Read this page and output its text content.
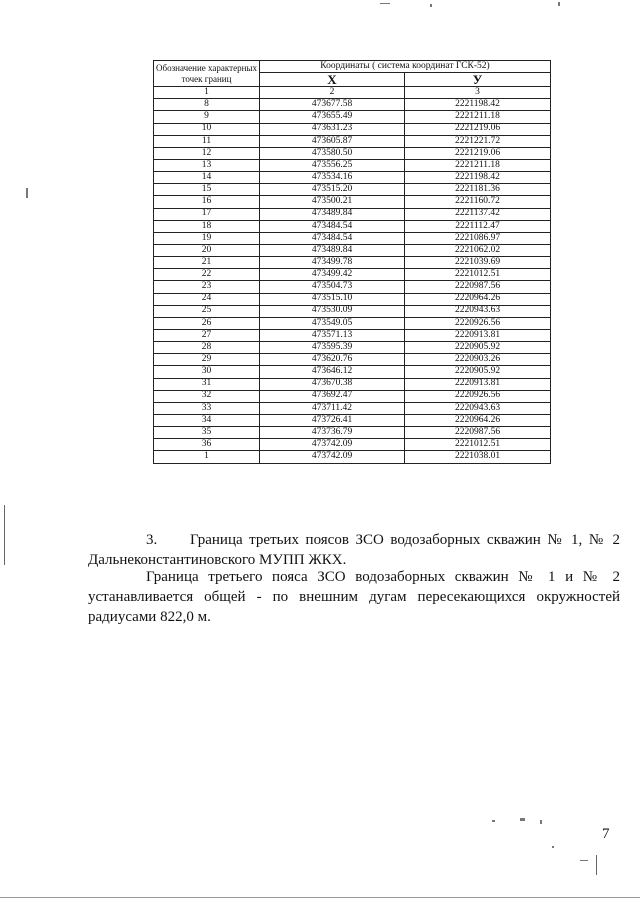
Обозначение характерных точек границ	Координаты ( система координат ГСК-52)	
	X	У
1	2	3
8	473677.58	2221198.42
9	473655.49	2221211.18
10	473631.23	2221219.06
11	473605.87	2221221.72
12	473580.50	2221219.06
13	473556.25	2221211.18
14	473534.16	2221198.42
15	473515.20	2221181.36
16	473500.21	2221160.72
17	473489.84	2221137.42
18	473484.54	2221112.47
19	473484.54	2221086.97
20	473489.84	2221062.02
21	473499.78	2221039.69
22	473499.42	2221012.51
23	473504.73	2220987.56
24	473515.10	2220964.26
25	473530.09	2220943.63
26	473549.05	2220926.56
27	473571.13	2220913.81
28	473595.39	2220905.92
29	473620.76	2220903.26
30	473646.12	2220905.92
31	473670.38	2220913.81
32	473692.47	2220926.56
33	473711.42	2220943.63
34	473726.41	2220964.26
35	473736.79	2220987.56
36	473742.09	2221012.51
1	473742.09	2221038.01
3. Граница третьих поясов ЗСО водозаборных скважин № 1, № 2 Дальнеконстантиновского МУПП ЖКХ.
Граница третьего пояса ЗСО водозаборных скважин № 1 и № 2 устанавливается общей - по внешним дугам пересекающихся окружностей радиусами 822,0 м.
7
